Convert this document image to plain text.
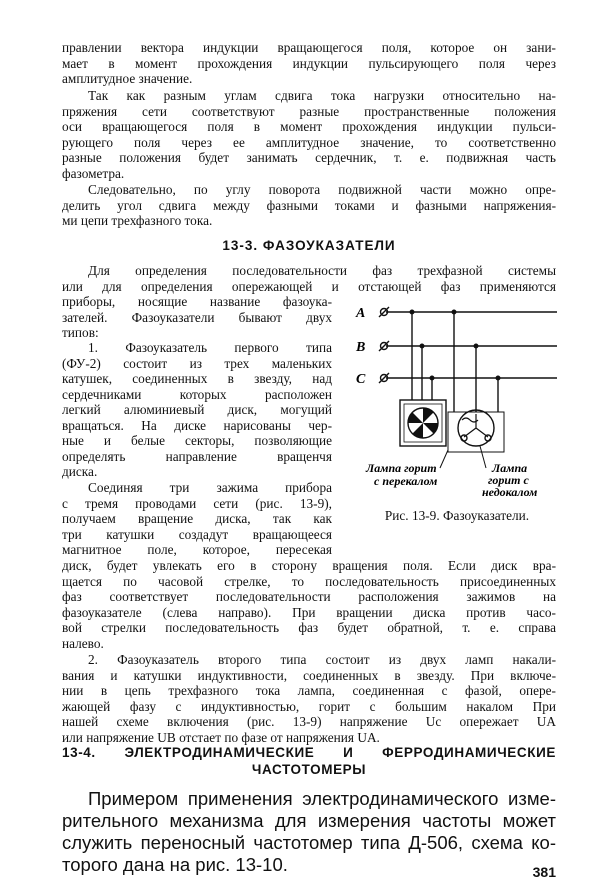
правлении вектора индукции вращающегося поля, которое он зани-
мает в момент прохождения индукции пульсирующего поля через
амплитудное значение.
Так как разным углам сдвига тока нагрузки относительно на-
пряжения сети соответствуют разные пространственные положения
оси вращающегося поля в момент прохождения индукции пульси-
рующего поля через ее амплитудное значение, то соответственно
разные положения будет занимать сердечник, т. е. подвижная часть
фазометра.
Следовательно, по углу поворота подвижной части можно опре-
делить угол сдвига между фазными токами и фазными напряжения-
ми цепи трехфазного тока.
13-3. ФАЗОУКАЗАТЕЛИ
Для определения последовательности фаз трехфазной системы
или для определения опережающей и отстающей фаз применяются
приборы, носящие название фазоука-
зателей. Фазоуказатели бывают двух
типов:
1. Фазоуказатель первого типа
(ФУ-2) состоит из трех маленьких
катушек, соединенных в звезду, над
сердечниками которых расположен
легкий алюминиевый диск, могущий
вращаться. На диске нарисованы чер-
ные и белые секторы, позволяющие
определять направление вращенчя
диска.
Соединяя три зажима прибора
с тремя проводами сети (рис. 13-9),
получаем вращение диска, так как
три катушки создадут вращающееся
магнитное поле, которое, пересекая
диск, будет увлекать его в сторону вращения поля. Если диск вра-
щается по часовой стрелке, то последовательность присоединенных
фаз соответствует последовательности расположения зажимов на
фазоуказателе (слева направо). При вращении диска против часо-
вой стрелки последовательность фаз будет обратной, т. е. справа
налево.
2. Фазоуказатель второго типа состоит из двух ламп накали-
вания и катушки индуктивности, соединенных в звезду. При включе-
нии в цепь трехфазного тока лампа, соединенная с фазой, опере-
жающей фазу с индуктивностью, горит с большим накалом При
нашей схеме включения (рис. 13-9) напряжение Uc опережает UA
или напряжение UB отстает по фазе от напряжения UA.
A
B
C
Лампа горит
с перекалом
Лампа
горит с
недокалом
Рис. 13-9. Фазоуказатели.
13-4. ЭЛЕКТРОДИНАМИЧЕСКИЕ И ФЕРРОДИНАМИЧЕСКИЕ
ЧАСТОТОМЕРЫ
Примером применения электродинамического изме-
рительного механизма для измерения частоты может
служить переносный частотомер типа Д-506, схема ко-
торого дана на рис. 13-10.	381
